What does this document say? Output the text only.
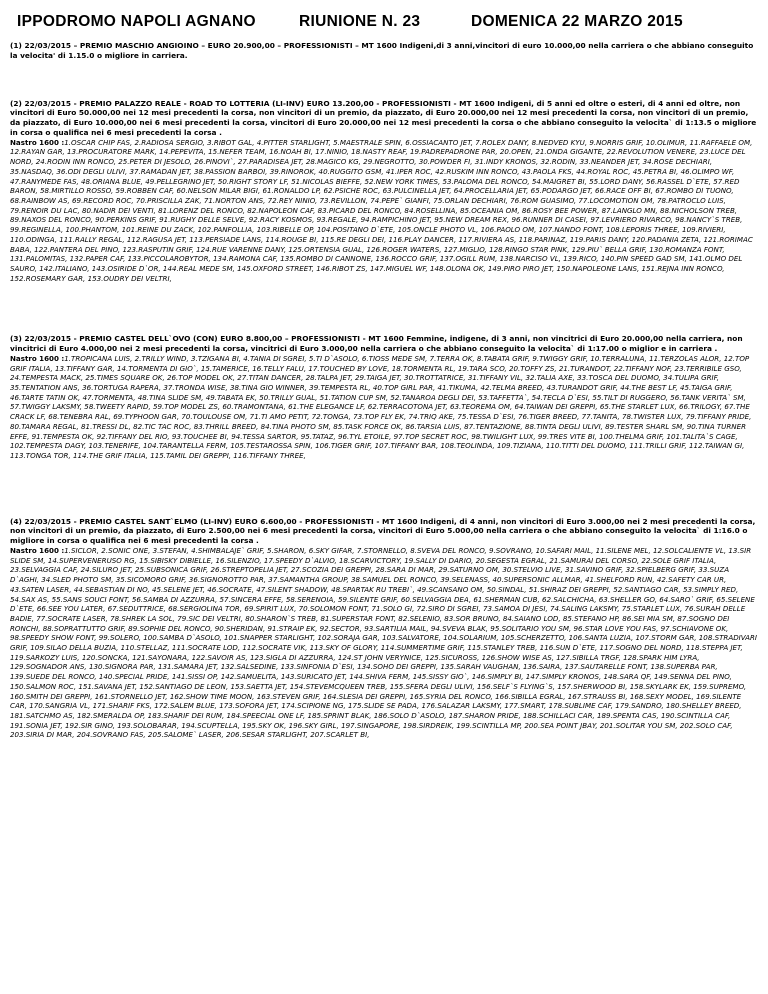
IPPODROMO NAPOLI AGNANO	RIUNIONE N. 23	DOMENICA 22 MARZO 2015

(1) 22/03/2015 – PREMIO MASCHIO ANGIOINO – EURO 20.900,00 – PROFESSIONISTI – MT 1600 Indigeni,di 3 anni,vincitori di euro 10.000,00 nella carriera o che abbiano conseguito la velocita' di 1.15.0 o migliore in carriera.

(2) 22/03/2015 - PREMIO PALAZZO REALE - ROAD TO LOTTERIA (LI-INV) EURO 13.200,00 - PROFESSIONISTI - MT 1600 Indigeni, di 5 anni ed oltre o esteri, di 4 anni ed oltre, non vincitori di Euro 50.000,00 nei 12 mesi precedenti la corsa, non vincitori di un premio, da piazzato, di Euro 20.000,00 nei 12 mesi precedenti la corsa, non vincitori di un premio, da piazzato, di Euro 10.000,00 nei 6 mesi precedenti la corsa, vincitori di Euro 20.000,00 nei 12 mesi precedenti la corsa o che abbiano conseguito la velocita` di 1:13.5 o migliore in corsa o qualifica nei 6 mesi precedenti la corsa .

Nastro 1600 :1.OSCAR CHIP FAS, 2.RADIOSA SERGIO, 3.RIBOT GAL, 4.PITTER STARLIGHT, 5.MAESTRALE SPIN, 6.OSSIACANTO JET, 7.ROLEX DANY, 8.NEDVED KYU, 9.NORRIS GRIF, 10.OLIMUR, 11.RAFFAELE OM, 12.RAYAN GAR, 13.PROCURATORE MARK, 14.PEPEVITA, 15.NEFER TEAM, 16.NOAH BI, 17.NINIO, 18.NASTY REAF, 19.PADREPADRONE PAR, 20.OPEN, 21.ONDA GIGANTE, 22.REVOLUTION VENERE, 23.LUCE DEL NORD, 24.RODIN INN RONCO, 25.PETER DI JESOLO, 26.PINOVI`, 27.PARADISEA JET, 28.MAGICO KG, 29.NEGROTTO, 30.POWDER FI, 31.INDY KRONOS, 32.RODIN, 33.NEANDER JET, 34.ROSE DECHIARI, 35.NASDAQ, 36.ODI DEGLI ULIVI, 37.RAMADAN JET, 38.PASSION BARBOI, 39.RINOROK, 40.RUGGITO GSM, 41.IPER ROC, 42.RUSKIM INN RONCO, 43.PAOLA FKS, 44.ROYAL ROC, 45.PETRA BI, 46.OLIMPO WF, 47.RANYMEDE FAS, 48.ORIANA BLUE, 49.PELLEGRINO JET, 50.RIGHT STORY LF, 51.NICOLAS BIEFFE, 52.NEW YORK TIMES, 53.PALOMA DEL RONCO, 54.MAIGRET BI, 55.LORD DANY, 56.RASSEL D`ETE, 57.RED BARON, 58.MIRTILLO ROSSO, 59.ROBBEN CAF, 60.NELSON MILAR BIGI, 61.RONALDO LP, 62.PSICHE ROC, 63.PULCINELLA JET, 64.PROCELLARIA JET, 65.PODARGO JET, 66.RACE OFF BI, 67.ROMBO DI TUONO, 68.RAINBOW AS, 69.RECORD ROC, 70.PRISCILLA ZAK, 71.NORTON ANS, 72.REY NINIO, 73.REVILLON, 74.PEPE` GIANFI, 75.ORLAN DECHIARI, 76.ROM GUASIMO, 77.LOCOMOTION OM, 78.PATROCLO LUIS, 79.RENOIR DU LAC, 80.NADIR DEI VENTI, 81.LORENZ DEL RONCO, 82.NAPOLEON CAF, 83.PICARD DEL RONCO, 84.ROSELLINA, 85.OCEANIA OM, 86.ROSY BEE POWER, 87.LANGLO MN, 88.NICHOLSON TREB, 89.NAXOS DEL RONCO, 90.PERKINS GRIF, 91.RUGHY DELLE SELVE, 92.RACY KOSMOS, 93.REGALE, 94.RAMPICHINO JET, 95.NEW DREAM REX, 96.RUNNER DI CASEI, 97.LEVRIERO RIVARCO, 98.NANCY`S TREB, 99.REGINELLA, 100.PHANTOM, 101.REINE DU ZACK, 102.PANFOLLIA, 103.RIBELLE OP, 104.POSITANO D`ETE, 105.ONCLE PHOTO VL, 106.PAOLO OM, 107.NANDO FONT, 108.LEPORIS THREE, 109.RIVIERI, 110.ODINGA, 111.RALLY REGAL, 112.RAGUSA JET, 113.PERSIADE LANS, 114.ROUGE BI, 115.RE DEGLI DEI, 116.PLAY DANCER, 117.RIVIERA AS, 118.PARINAZ, 119.PARIS DANY, 120.PADANIA ZETA, 121.RORIMAC BABA, 122.PANTERA DEL PINO, 123.RASPUTIN GRIF, 124.RUE VARENNE DANY, 125.ORTENSIA GUAL, 126.ROGER WATERS, 127.MIGLIO, 128.RINGO STAR PINK, 129.PIU` BELLA GRIF, 130.ROMANZA FONT, 131.PALOMITAS, 132.PAPER CAF, 133.PICCOLAROBYTOR, 134.RAMONA CAF, 135.ROMBO DI CANNONE, 136.ROCCO GRIF, 137.OGILL RUM, 138.NARCISO VL, 139.RICO, 140.PIN SPEED GAD SM, 141.OLMO DEL SAURO, 142.ITALIANO, 143.OSIRIDE D`OR, 144.REAL MEDE SM, 145.OXFORD STREET, 146.RIBOT ZS, 147.MIGUEL WF, 148.OLONA OK, 149.PIRO PIRO JET, 150.NAPOLEONE LANS, 151.REJNA INN RONCO, 152.ROSEMARY GAR, 153.OUDRY DEI VELTRI,

(3) 22/03/2015 - PREMIO CASTEL DELL`OVO (CON) EURO 8.800,00 – PROFESSIONISTI - MT 1600 Femmine, indigene, di 3 anni, non vincitrici di Euro 20.000,00 nella carriera, non vincitrici di Euro 4.000,00 nei 2 mesi precedenti la corsa, vincitrici di Euro 3.000,00 nella carriera o che abbiano conseguito la velocita` di 1:17.00 o miglior e in carriera .

Nastro 1600 :1.TROPICANA LUIS, 2.TRILLY WIND, 3.TZIGANA BI, 4.TANIA DI SGREI, 5.TI D`ASOLO, 6.TIOSS MEDE SM, 7.TERRA OK, 8.TABATA GRIF, 9.TWIGGY GRIF, 10.TERRALUNA, 11.TERZOLAS ALOR, 12.TOP GRIF ITALIA, 13.TIFFANY GAR, 14.TORMENTA DI GIO`, 15.TAMERICE, 16.TELLY FALU, 17.TOUCHED BY LOVE, 18.TORMENTA RL, 19.TARA SCO, 20.TOFFY ZS, 21.TURANDOT, 22.TIFFANY NOF, 23.TERRIBILE GSO, 24.TEMPESTA MACK, 25.TIMES SQUARE OK, 26.TOP MODEL OK, 27.TITAN DANCER, 28.TALPA JET, 29.TAIGA JET, 30.TROTTATRICE, 31.TIFFANY VIL, 32.TALIA AXE, 33.TOSCA DEL DUOMO, 34.TULIPA GRIF, 35.TENTATION ANS, 36.TORTUGA RAPERA, 37.TRONDA WISE, 38.TINA GIO WINNER, 39.TEMPESTA RL, 40.TOP GIRL PAR, 41.TIKUMA, 42.TELMA BREED, 43.TURANDOT GRIF, 44.THE BEST LF, 45.TAIGA GRIF, 46.TARTE TATIN OK, 47.TORMENTA, 48.TINA SLIDE SM, 49.TABATA EK, 50.TRILLY GUAL, 51.TATION CUP SM, 52.TANAROA DEGLI DEI, 53.TAFFETTA`, 54.TECLA D`ESI, 55.TILT DI RUGGERO, 56.TANK VERITA` SM, 57.TWIGGY LAKSMY, 58.TWEETY RAPID, 59.TOP MODEL ZS, 60.TRAMONTANA, 61.THE ELEGANCE LF, 62.TERRACOTONA JET, 63.TEOREMA OM, 64.TAIWAN DEI GREPPI, 65.THE STARLET LUX, 66.TRILOGY, 67.THE CRACK LF, 68.TENEBRA RAL, 69.TYPHOON GAR, 70.TOULOUSE OM, 71.TI AMO PETIT, 72.TONGA, 73.TOP FLY EK, 74.TRIQ AKE, 75.TESSA D`ESI, 76.TIGER BREED, 77.TANITA, 78.TWISTER LUX, 79.TIFFANY PRIDE, 80.TAMARA REGAL, 81.TRESSI DL, 82.TIC TAC ROC, 83.THRILL BREED, 84.TINA PHOTO SM, 85.TASK FORCE OK, 86.TARSIA LUIS, 87.TENTAZIONE, 88.TINTA DEGLI ULIVI, 89.TESTER SHARL SM, 90.TINA TURNER EFFE, 91.TEMPESTA OK, 92.TIFFANY DEL RIO, 93.TOUCHEE BI, 94.TESSA SARTOR, 95.TATAZ, 96.TYL ETOILE, 97.TOP SECRET ROC, 98.TWILIGHT LUX, 99.TRES VITE BI, 100.THELMA GRIF, 101.TALITA`S CAGE, 102.TEMPESTA DAGY, 103.TENERIFE, 104.TARANTELLA FERM, 105.TESTAROSSA SPIN, 106.TIGER GRIF, 107.TIFFANY BAR, 108.TEOLINDA, 109.TIZIANA, 110.TITTI DEL DUOMO, 111.TRILLI GRIF, 112.TAIWAN GI, 113.TONGA TOR, 114.THE GRIF ITALIA, 115.TAMIL DEI GREPPI, 116.TIFFANY THREE,

(4) 22/03/2015 - PREMIO CASTEL SANT`ELMO (LI-INV) EURO 6.600,00 - PROFESSIONISTI - MT 1600 Indigeni, di 4 anni, non vincitori di Euro 3.000,00 nei 2 mesi precedenti la corsa, non vincitori di un premio, da piazzato, di Euro 2.500,00 nei 6 mesi precedenti la corsa, vincitori di Euro 5.000,00 nella carriera o che abbiano conseguito la velocita` di 1:16.0 o migliore in corsa o qualifica nei 6 mesi precedenti la corsa .

Nastro 1600 :1.SICLOR, 2.SONIC ONE, 3.STEFAN, 4.SHIMBALAJE` GRIF, 5.SHARON, 6.SKY GIFAR, 7.STORNELLO, 8.SVEVA DEL RONCO, 9.SOVRANO, 10.SAFARI MAIL, 11.SILENE MEL, 12.SOLCALIENTE VL, 13.SIR SLIDE SM, 14.SUPERVENERUSO RG, 15.SIBISKY DIBIELLE, 16.SILENZIO, 17.SPEEDY D`ALVIO, 18.SCARVICTORY, 19.SALLY DI DARIO, 20.SEGESTA EGRAL, 21.SAMURAI DEL CORSO, 22.SOLE GRIF ITALIA, 23.SELVAGGIA CAF, 24.SILURO JET, 25.SUBSONICA GRIF, 26.STREPTOPELIA JET, 27.SCOZIA DEI GREPPI, 28.SARA DI MAR, 29.SATURNO OM, 30.STELVIO LIVE, 31.SAVINO GRIF, 32.SPIELBERG GRIF, 33.SUZA D`AGHI, 34.SLED PHOTO SM, 35.SICOMORO GRIF, 36.SIGNOROTTO PAR, 37.SAMANTHA GROUP, 38.SAMUEL DEL RONCO, 39.SELENASS, 40.SUPERSONIC ALLMAR, 41.SHELFORD RUN, 42.SAFETY CAR UR, 43.SATEN LASER, 44.SEBASTIAN DI NO, 45.SELENE JET, 46.SOCRATE, 47.SILENT SHADOW, 48.SPARTAK RU TREBI`, 49.SCANSANO OM, 50.SINDAL, 51.SHIRAZ DEI GREPPI, 52.SANTIAGO CAR, 53.SIMPLY RED, 54.SAX AS, 55.SANS SOUCI FONT, 56.SAMBA DI AZZURRA, 57.SINCERA EFFE, 58.SERENOIA, 59.SILENTE GRIF, 60.SELVAGGIA DEA, 61.SHERMAN CUB, 62.SALCHICHA, 63.SHELLER GO, 64.SARO` GRIF, 65.SELENE D`ETE, 66.SEE YOU LATER, 67.SEDUTTRICE, 68.SERGIOLINA TOR, 69.SPIRIT LUX, 70.SOLOMON FONT, 71.SOLO GI, 72.SIRO DI SGREI, 73.SAMOA DI JESI, 74.SALING LAKSMY, 75.STARLET LUX, 76.SURAH DELLE BADIE, 77.SOCRATE LASER, 78.SHREK LA SOL, 79.SIC DEI VELTRI, 80.SHARON`S TREB, 81.SUPERSTAR FONT, 82.SELENIO, 83.SOR BRUNO, 84.SAIANO LOD, 85.STEFANO HP, 86.SEI MIA SM, 87.SOGNO DEI RONCHI, 88.SOPRATTUTTO GRIF, 89.SOPHIE DEL RONCO, 90.SHERIDAN, 91.STRAIP EK, 92.SECTOR, 93.SARTILIA MAIL, 94.SVEVA BLAK, 95.SOLITARIO YOU SM, 96.STAR LOVE YOU FAS, 97.SCHIAVONE OK, 98.SPEEDY SHOW FONT, 99.SOLERO, 100.SAMBA D`ASOLO, 101.SNAPPER STARLIGHT, 102.SORAJA GAR, 103.SALVATORE, 104.SOLARIUM, 105.SCHERZETTO, 106.SANTA LUZIA, 107.STORM GAR, 108.STRADIVARI GRIF, 109.SILAO DELLA BUZIA, 110.STELLAZ, 111.SOCRATE LOD, 112.SOCRATE VIK, 113.SKY OF GLORY, 114.SUMMERTIME GRIF, 115.STANLEY TREB, 116.SUN D`ETE, 117.SOGNO DEL NORD, 118.STEPPA JET, 119.SARKOZY LUIS, 120.SONCKA, 121.SAYONARA, 122.SAVOIR AS, 123.SIGLA DI AZZURRA, 124.ST JOHN VERYNICE, 125.SICUROSS, 126.SHOW WISE AS, 127.SIBILLA TRGF, 128.SPARK HIM LYRA, 129.SOGNADOR ANS, 130.SIGNORA PAR, 131.SAMARA JET, 132.SALSEDINE, 133.SINFONIA D`ESI, 134.SOHO DEI GREPPI, 135.SARAH VAUGHAN, 136.SAIRA, 137.SAUTARELLE FONT, 138.SUPERBA PAR, 139.SUEDE DEL RONCO, 140.SPECIAL PRIDE, 141.SISSI OP, 142.SAMUELITA, 143.SURICATO JET, 144.SHIVA FERM, 145.SISSY GIO`, 146.SIMPLY BI, 147.SIMPLY KRONOS, 148.SARA QF, 149.SENNA DEL PINO, 150.SALMON ROC, 151.SAVANA JET, 152.SANTIAGO DE LEON, 153.SAETTA JET, 154.STEVEMCQUEEN TREB, 155.SFERA DEGLI ULIVI, 156.SELF`S FLYING`S, 157.SHERWOOD BI, 158.SKYLARK EK, 159.SUPREMO, 160.SMITH DEI GREPPI, 161.STORNELLO JET, 162.SHOW TIME MOON, 163.STEVEN GRIF, 164.SLESIA DEI GREPPI, 165.SYRIA DEL RONCO, 166.SIBILLA EGRAL, 167.STRAUSS BI, 168.SEXY MODEL, 169.SILENTE CAR, 170.SANGRIA VL, 171.SHARIF FKS, 172.SALEM BLUE, 173.SOFORA JET, 174.SCIPIONE NG, 175.SLIDE SE PADA, 176.SALAZAR LAKSMY, 177.SMART, 178.SUBLIME CAF, 179.SANDRO, 180.SHELLEY BREED, 181.SATCHMO AS, 182.SMERALDA OP, 183.SHARIF DEI RUM, 184.SPEECIAL ONE LF, 185.SPRINT BLAK, 186.SOLO D`ASOLO, 187.SHARON PRIDE, 188.SCHILLACI CAR, 189.SPENTA CAS, 190.SCINTILLA CAF, 191.SONIA JET, 192.SIR GINO, 193.SOLOBARAR, 194.SCUPTELLA, 195.SKY OK, 196.SKY GIRL, 197.SINGAPORE, 198.SIRDREIK, 199.SCINTILLA MP, 200.SEA POINT JBAY, 201.SOLITAR YOU SM, 202.SOLO CAF, 203.SIRIA DI MAR, 204.SOVRANO FAS, 205.SALOME` LASER, 206.SESAR STARLIGHT, 207.SCARLET BI,
